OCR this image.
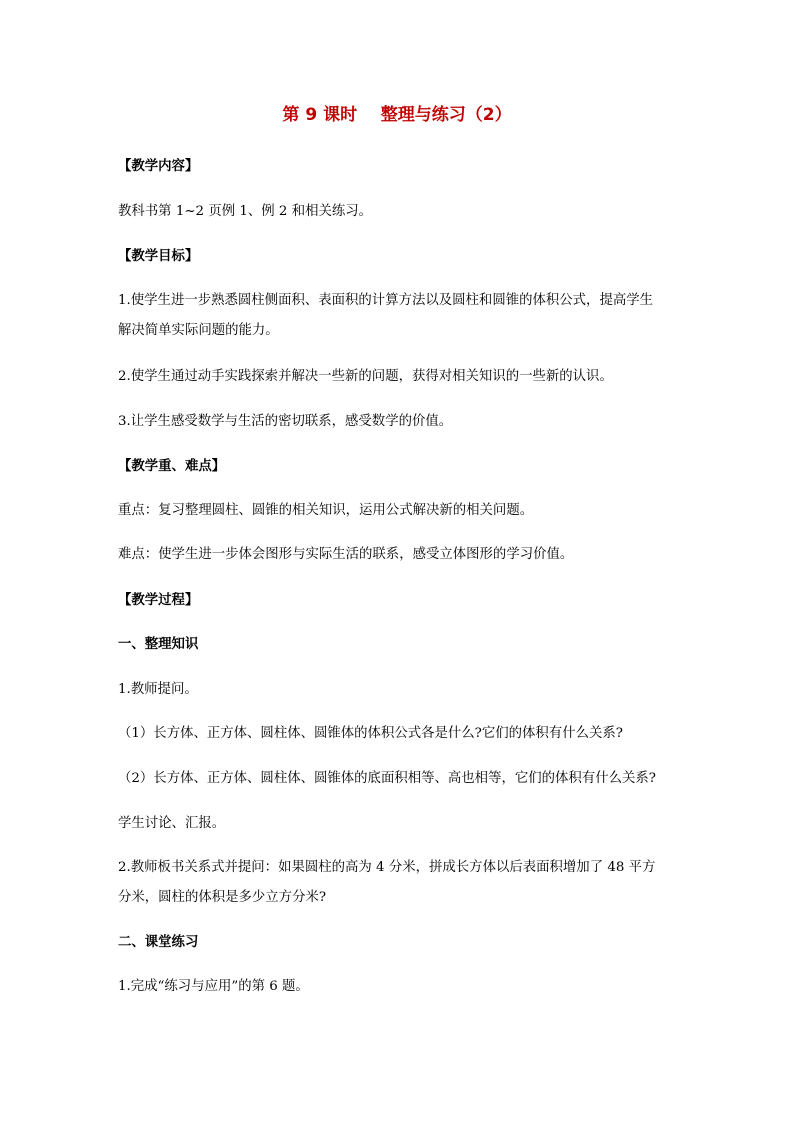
第 9 课时    整理与练习（2）

【教学内容】

教科书第 1~2 页例 1、例 2 和相关练习。

【教学目标】

1.使学生进一步熟悉圆柱侧面积、表面积的计算方法以及圆柱和圆锥的体积公式，提高学生

解决简单实际问题的能力。

2.使学生通过动手实践探索并解决一些新的问题，获得对相关知识的一些新的认识。

3.让学生感受数学与生活的密切联系，感受数学的价值。

【教学重、难点】

重点：复习整理圆柱、圆锥的相关知识，运用公式解决新的相关问题。

难点：使学生进一步体会图形与实际生活的联系，感受立体图形的学习价值。

【教学过程】

一、整理知识

1.教师提问。

（1）长方体、正方体、圆柱体、圆锥体的体积公式各是什么?它们的体积有什么关系?

（2）长方体、正方体、圆柱体、圆锥体的底面积相等、高也相等，它们的体积有什么关系?

学生讨论、汇报。

2.教师板书关系式并提问：如果圆柱的高为 4 分米，拼成长方体以后表面积增加了 48 平方

分米，圆柱的体积是多少立方分米?

二、课堂练习

1.完成“练习与应用”的第 6 题。
